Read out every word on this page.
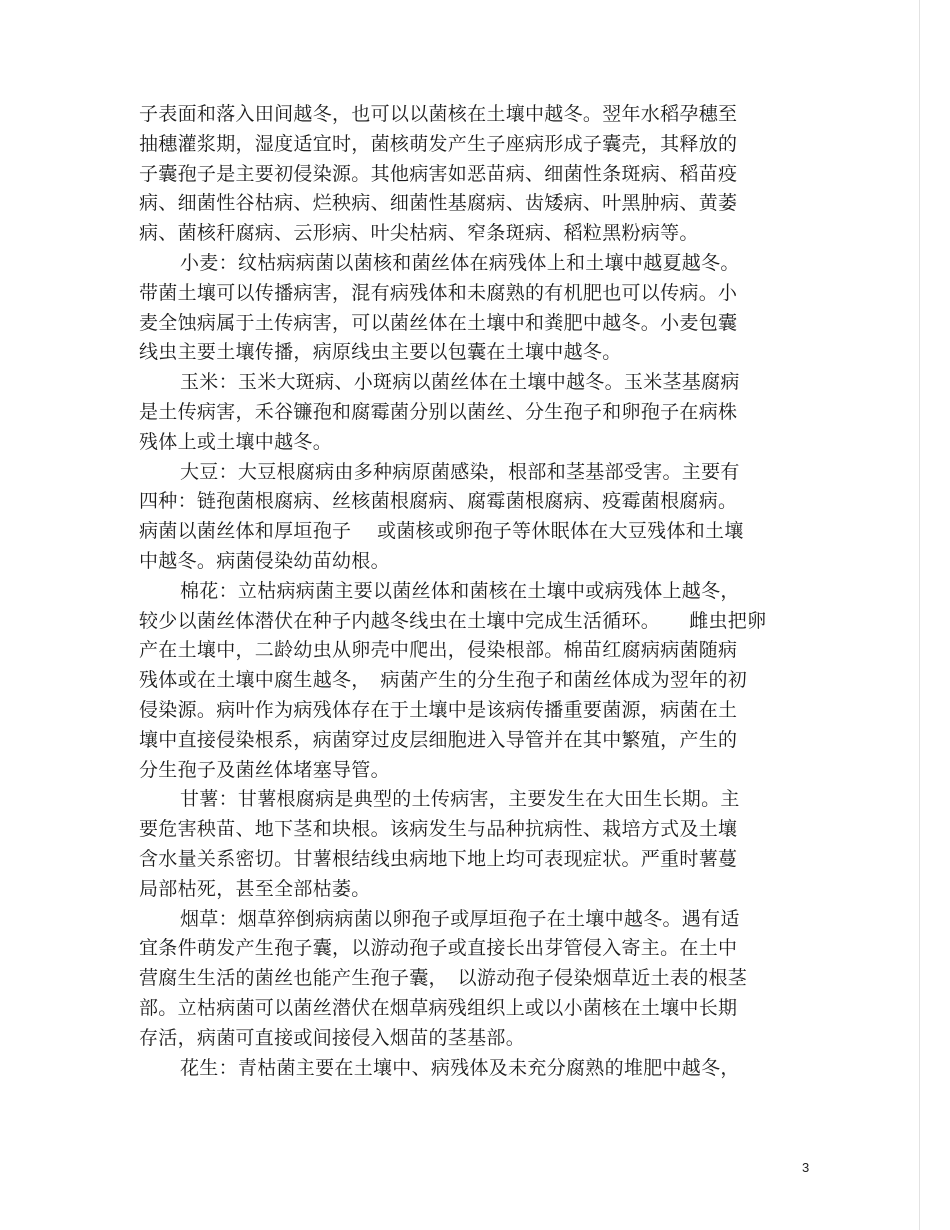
子表面和落入田间越冬，也可以以菌核在土壤中越冬。翌年水稻孕穗至
抽穗灌浆期，湿度适宜时，菌核萌发产生子座病形成子囊壳，其释放的
子囊孢子是主要初侵染源。其他病害如恶苗病、细菌性条斑病、稻苗疫
病、细菌性谷枯病、烂秧病、细菌性基腐病、齿矮病、叶黑肿病、黄萎
病、菌核秆腐病、云形病、叶尖枯病、窄条斑病、稻粒黑粉病等。
小麦：纹枯病病菌以菌核和菌丝体在病残体上和土壤中越夏越冬。
带菌土壤可以传播病害，混有病残体和未腐熟的有机肥也可以传病。小
麦全蚀病属于土传病害，可以菌丝体在土壤中和粪肥中越冬。小麦包囊
线虫主要土壤传播，病原线虫主要以包囊在土壤中越冬。
玉米：玉米大斑病、小斑病以菌丝体在土壤中越冬。玉米茎基腐病
是土传病害，禾谷镰孢和腐霉菌分别以菌丝、分生孢子和卵孢子在病株
残体上或土壤中越冬。
大豆：大豆根腐病由多种病原菌感染，根部和茎基部受害。主要有
四种：链孢菌根腐病、丝核菌根腐病、腐霉菌根腐病、疫霉菌根腐病。
病菌以菌丝体和厚垣孢子　 或菌核或卵孢子等休眠体在大豆残体和土壤
中越冬。病菌侵染幼苗幼根。
棉花：立枯病病菌主要以菌丝体和菌核在土壤中或病残体上越冬，
较少以菌丝体潜伏在种子内越冬线虫在土壤中完成生活循环。　　雌虫把卵
产在土壤中，二龄幼虫从卵壳中爬出，侵染根部。棉苗红腐病病菌随病
残体或在土壤中腐生越冬，　病菌产生的分生孢子和菌丝体成为翌年的初
侵染源。病叶作为病残体存在于土壤中是该病传播重要菌源，病菌在土
壤中直接侵染根系，病菌穿过皮层细胞进入导管并在其中繁殖，产生的
分生孢子及菌丝体堵塞导管。
甘薯：甘薯根腐病是典型的土传病害，主要发生在大田生长期。主
要危害秧苗、地下茎和块根。该病发生与品种抗病性、栽培方式及土壤
含水量关系密切。甘薯根结线虫病地下地上均可表现症状。严重时薯蔓
局部枯死，甚至全部枯萎。
烟草：烟草猝倒病病菌以卵孢子或厚垣孢子在土壤中越冬。遇有适
宜条件萌发产生孢子囊，以游动孢子或直接长出芽管侵入寄主。在土中
营腐生生活的菌丝也能产生孢子囊，　以游动孢子侵染烟草近土表的根茎
部。立枯病菌可以菌丝潜伏在烟草病残组织上或以小菌核在土壤中长期
存活，病菌可直接或间接侵入烟苗的茎基部。
花生：青枯菌主要在土壤中、病残体及未充分腐熟的堆肥中越冬，
3
